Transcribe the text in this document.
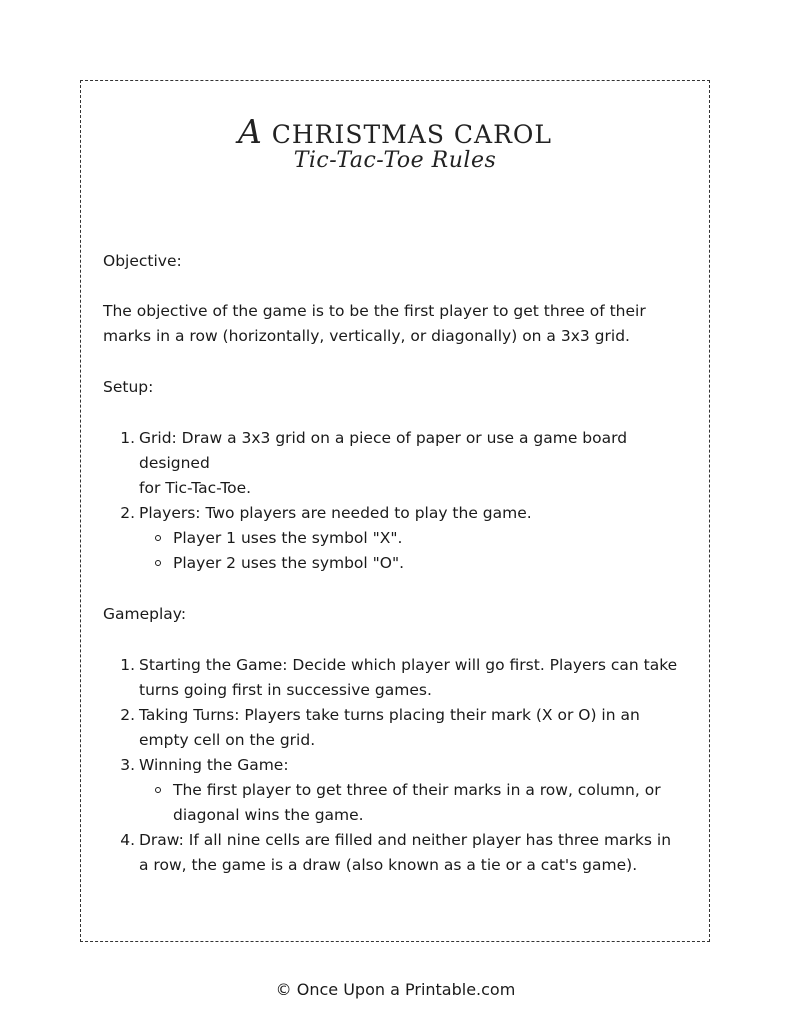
A CHRISTMAS CAROL
Tic-Tac-Toe Rules

Objective:

The objective of the game is to be the first player to get three of their

marks in a row (horizontally, vertically, or diagonally) on a 3x3 grid.

Setup:

1. Grid: Draw a 3x3 grid on a piece of paper or use a game board designed
for Tic-Tac-Toe.
2. Players: Two players are needed to play the game.
Player 1 uses the symbol "X".
Player 2 uses the symbol "O".

Gameplay:

1. Starting the Game: Decide which player will go first. Players can take
turns going first in successive games.
2. Taking Turns: Players take turns placing their mark (X or O) in an
empty cell on the grid.
3. Winning the Game:
The first player to get three of their marks in a row, column, or
diagonal wins the game.
4. Draw: If all nine cells are filled and neither player has three marks in
a row, the game is a draw (also known as a tie or a cat's game).
© Once Upon a Printable.com
